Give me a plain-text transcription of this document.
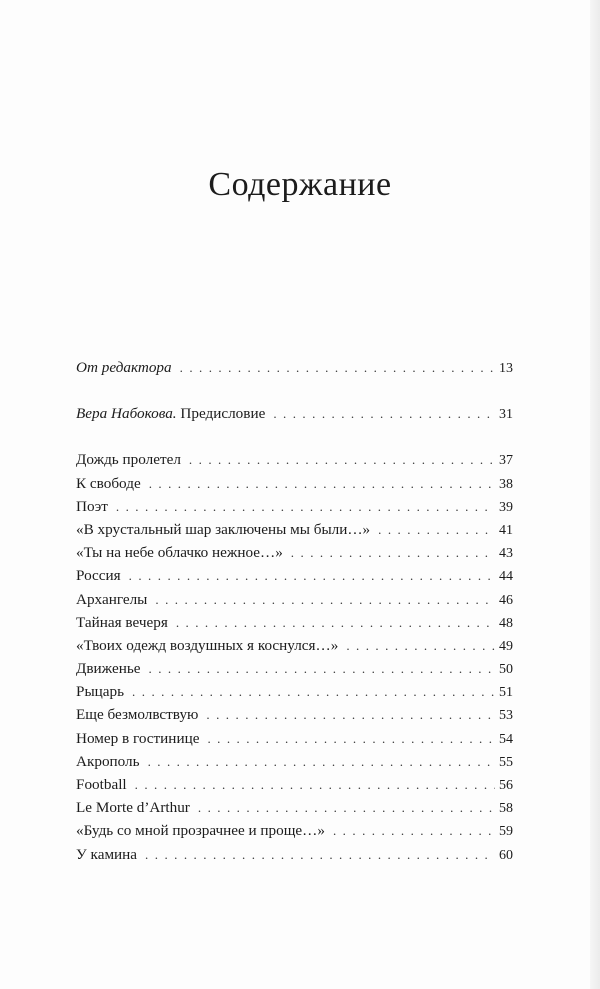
Содержание
От редактора . . .	13
Вера Набокова. Предисловие . . .	31
Дождь пролетел . . .	37
К свободе . . .	38
Поэт . . .	39
«В хрустальный шар заключены мы были…» . . .	41
«Ты на небе облачко нежное…» . . .	43
Россия . . .	44
Архангелы . . .	46
Тайная вечеря . . .	48
«Твоих одежд воздушных я коснулся…» . . .	49
Движенье . . .	50
Рыцарь . . .	51
Еще безмолвствую . . .	53
Номер в гостинице . . .	54
Акрополь . . .	55
Football . . .	56
Le Morte d’Arthur . . .	58
«Будь со мной прозрачнее и проще…» . . .	59
У камина . . .	60
